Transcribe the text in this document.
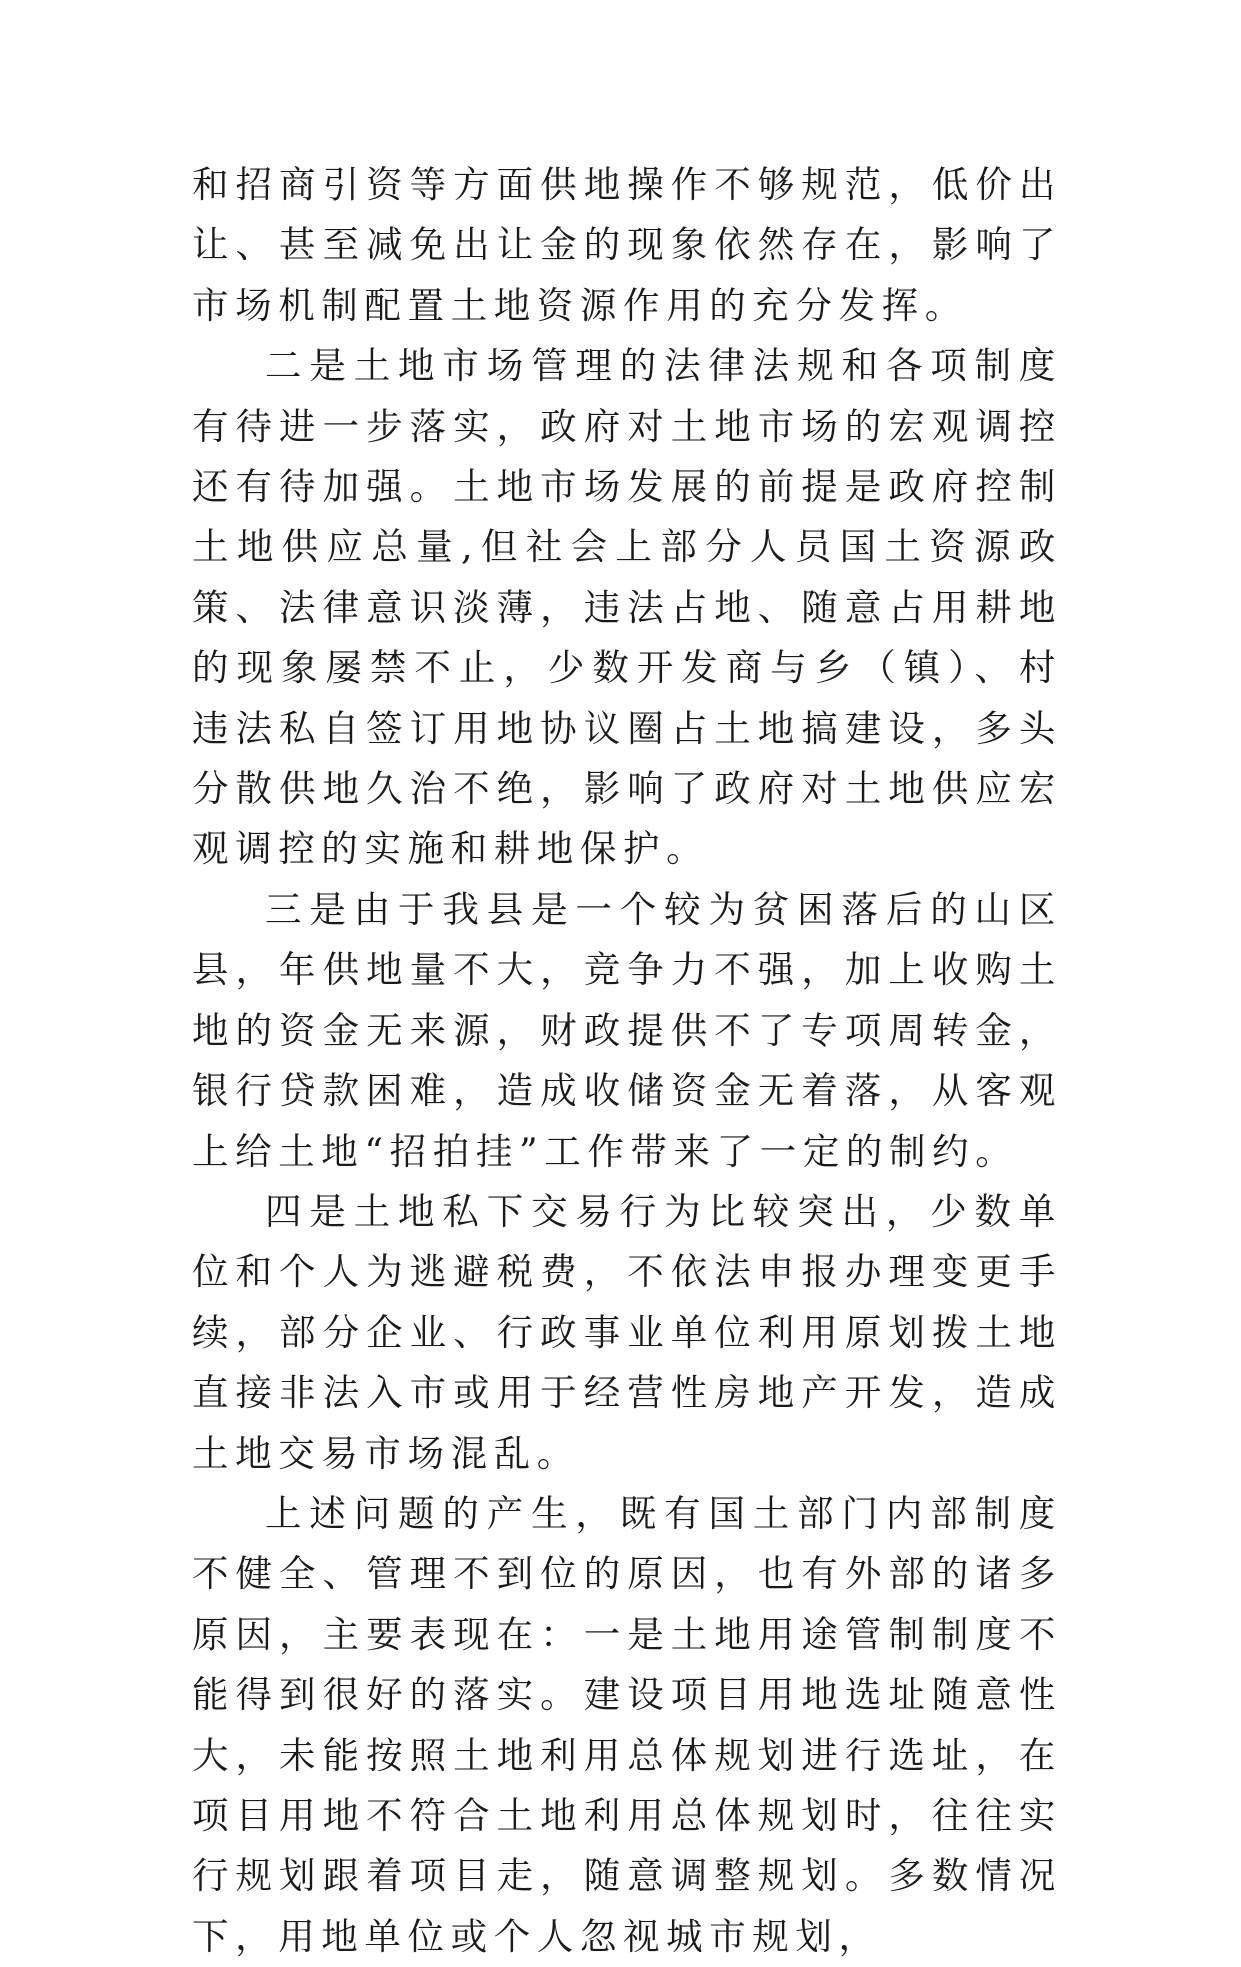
和招商引资等方面供地操作不够规范，低价出让、甚至减免出让金的现象依然存在，影响了市场机制配置土地资源作用的充分发挥。

二是土地市场管理的法律法规和各项制度有待进一步落实，政府对土地市场的宏观调控还有待加强。土地市场发展的前提是政府控制土地供应总量,但社会上部分人员国土资源政策、法律意识淡薄，违法占地、随意占用耕地的现象屡禁不止，少数开发商与乡（镇）、村违法私自签订用地协议圈占土地搞建设，多头分散供地久治不绝，影响了政府对土地供应宏观调控的实施和耕地保护。

三是由于我县是一个较为贫困落后的山区县，年供地量不大，竞争力不强，加上收购土地的资金无来源，财政提供不了专项周转金，银行贷款困难，造成收储资金无着落，从客观上给土地“招拍挂”工作带来了一定的制约。

四是土地私下交易行为比较突出，少数单位和个人为逃避税费，不依法申报办理变更手续，部分企业、行政事业单位利用原划拨土地直接非法入市或用于经营性房地产开发，造成土地交易市场混乱。

上述问题的产生，既有国土部门内部制度不健全、管理不到位的原因，也有外部的诸多原因，主要表现在：一是土地用途管制制度不能得到很好的落实。建设项目用地选址随意性大，未能按照土地利用总体规划进行选址，在项目用地不符合土地利用总体规划时，往往实行规划跟着项目走，随意调整规划。多数情况下，用地单位或个人忽视城市规划，
